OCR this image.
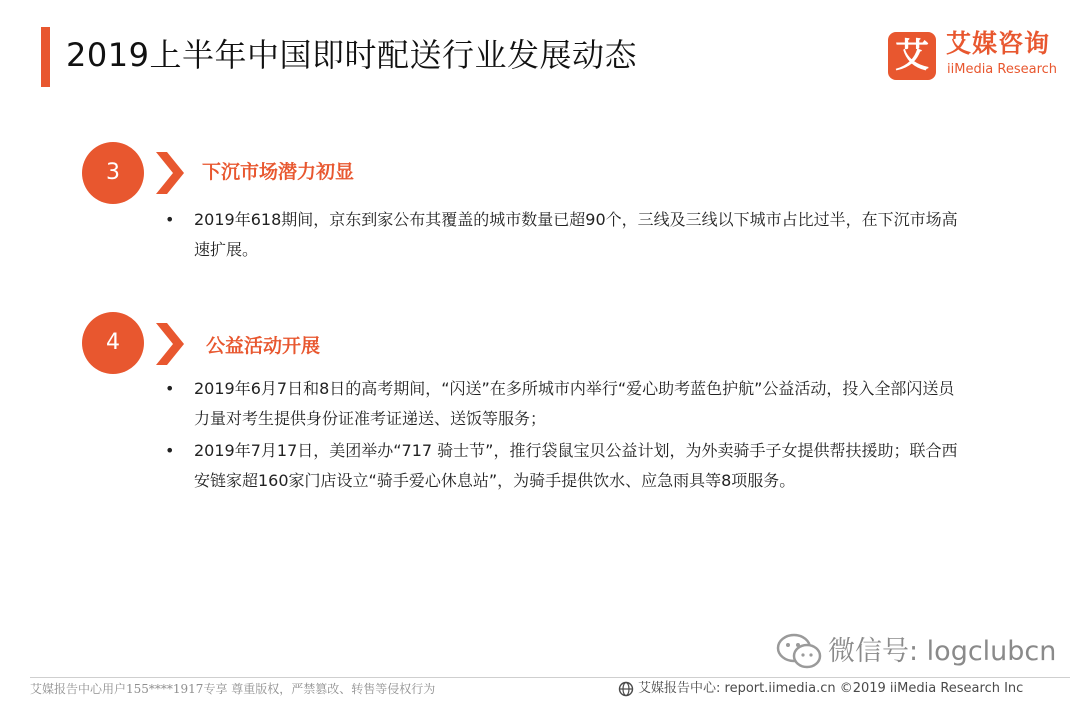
2019上半年中国即时配送行业发展动态	艾 艾媒咨询
iiMedia Research
3	下沉市场潜力初显
• 2019年618期间，京东到家公布其覆盖的城市数量已超90个，三线及三线以下城市占比过半，在下沉市场高速扩展。
4	公益活动开展
• 2019年6月7日和8日的高考期间，“闪送”在多所城市内举行“爱心助考蓝色护航”公益活动，投入全部闪送员力量对考生提供身份证准考证递送、送饭等服务；
• 2019年7月17日，美团举办“717 骑士节”，推行袋鼠宝贝公益计划，为外卖骑手子女提供帮扶援助；联合西安链家超160家门店设立“骑手爱心休息站”，为骑手提供饮水、应急雨具等8项服务。
微信号: logclubcn
艾媒报告中心用户155****1917专享 尊重版权，严禁篡改、转售等侵权行为	艾媒报告中心: report.iimedia.cn ©2019 iiMedia Research Inc
